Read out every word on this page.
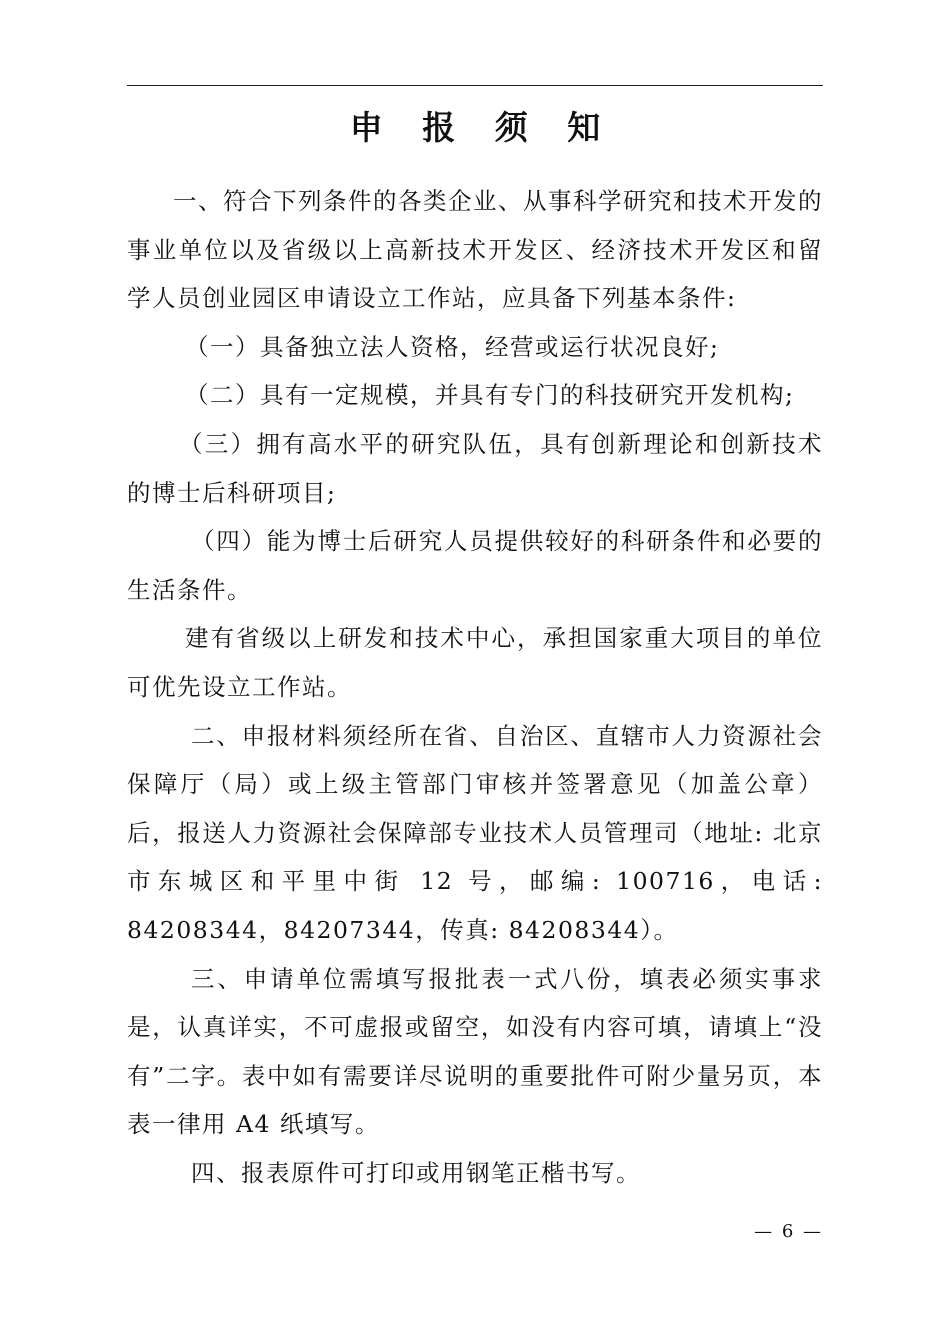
申 报 须 知

一、符合下列条件的各类企业、从事科学研究和技术开发的事业单位以及省级以上高新技术开发区、经济技术开发区和留学人员创业园区申请设立工作站，应具备下列基本条件:

（一）具备独立法人资格，经营或运行状况良好;

（二）具有一定规模，并具有专门的科技研究开发机构;

（三）拥有高水平的研究队伍，具有创新理论和创新技术的博士后科研项目;

（四）能为博士后研究人员提供较好的科研条件和必要的生活条件。

建有省级以上研发和技术中心，承担国家重大项目的单位可优先设立工作站。

二、申报材料须经所在省、自治区、直辖市人力资源社会保障厅（局）或上级主管部门审核并签署意见（加盖公章）后，报送人力资源社会保障部专业技术人员管理司（地址: 北京市东城区和平里中街 12 号，邮编: 100716，电话: 84208344，84207344，传真: 84208344）。

三、申请单位需填写报批表一式八份，填表必须实事求是，认真详实，不可虚报或留空，如没有内容可填，请填上“没有”二字。表中如有需要详尽说明的重要批件可附少量另页，本表一律用 A4 纸填写。

四、报表原件可打印或用钢笔正楷书写。

— 6 —
